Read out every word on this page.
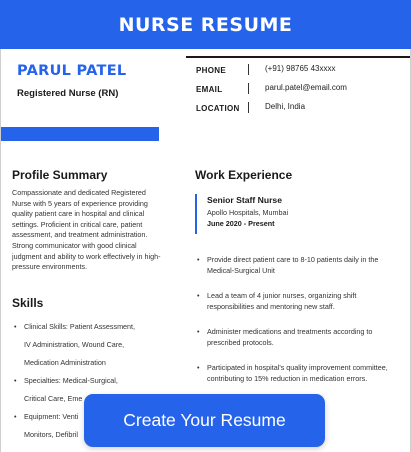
NURSE RESUME
PARUL PATEL
Registered Nurse (RN)
PHONE	(+91) 98765 43xxxx
EMAIL	parul.patel@email.com
LOCATION	Delhi, India
Profile Summary
Compassionate and dedicated Registered Nurse with 5 years of experience providing quality patient care in hospital and clinical settings. Proficient in critical care, patient assessment, and treatment administration. Strong communicator with good clinical judgment and ability to work effectively in high-pressure environments.
Skills
• Clinical Skills: Patient Assessment,
IV Administration, Wound Care,
Medication Administration
• Specialties: Medical-Surgical,
Critical Care, Eme
• Equipment: Venti
Monitors, Defibril
Work Experience
Senior Staff Nurse
Apollo Hospitals, Mumbai
June 2020 - Present
• Provide direct patient care to 8-10 patients daily in the Medical-Surgical Unit
• Lead a team of 4 junior nurses, organizing shift responsibilities and mentoring new staff.
• Administer medications and treatments according to prescribed protocols.
• Participated in hospital's quality improvement committee, contributing to 15% reduction in medication errors.
Create Your Resume
